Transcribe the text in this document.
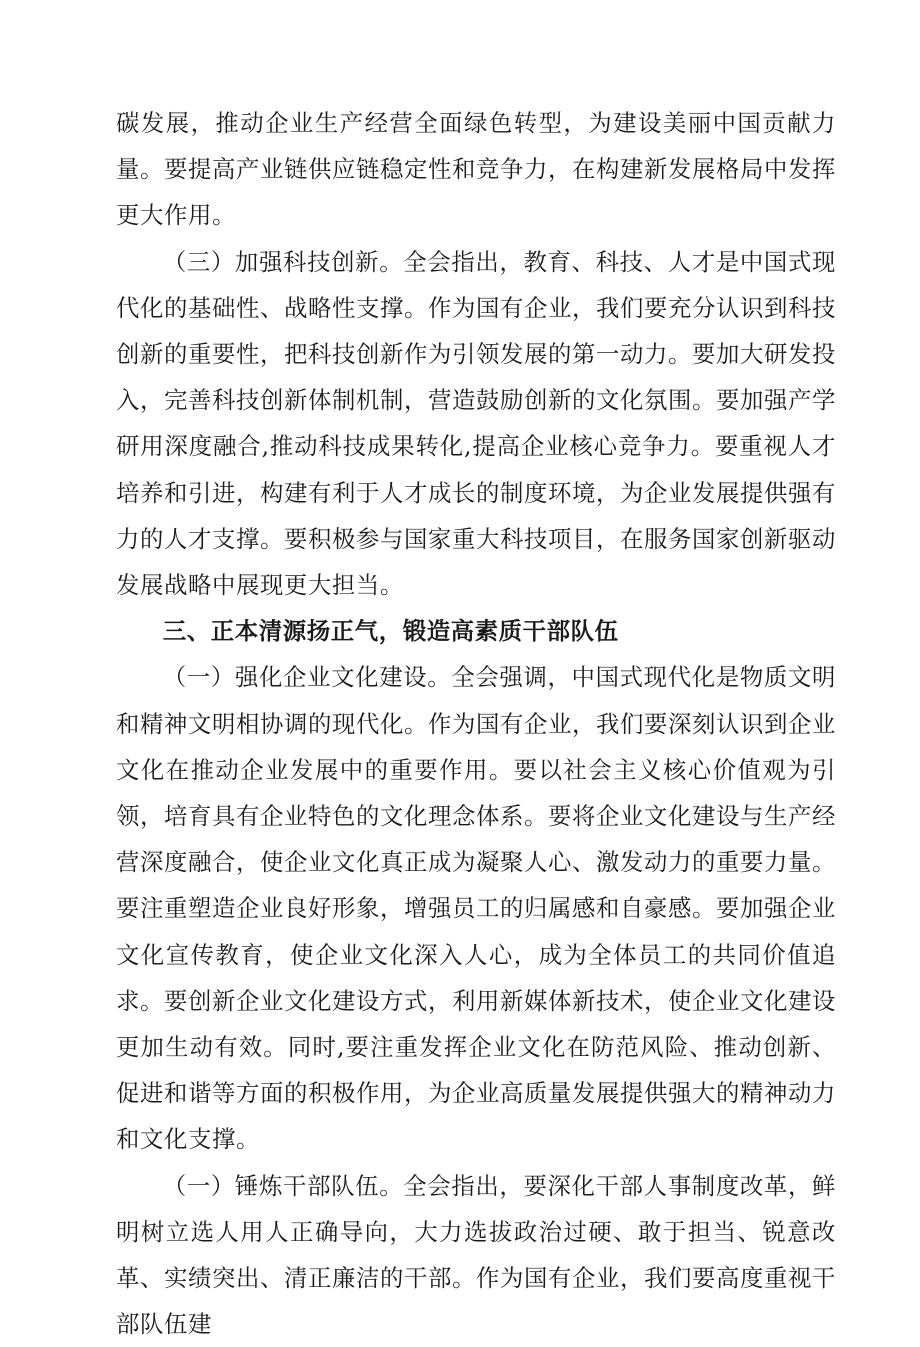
碳发展，推动企业生产经营全面绿色转型，为建设美丽中国贡献力量。要提高产业链供应链稳定性和竞争力，在构建新发展格局中发挥更大作用。

（三）加强科技创新。全会指出，教育、科技、人才是中国式现代化的基础性、战略性支撑。作为国有企业，我们要充分认识到科技创新的重要性，把科技创新作为引领发展的第一动力。要加大研发投入，完善科技创新体制机制，营造鼓励创新的文化氛围。要加强产学研用深度融合,推动科技成果转化,提高企业核心竞争力。要重视人才培养和引进，构建有利于人才成长的制度环境，为企业发展提供强有力的人才支撑。要积极参与国家重大科技项目，在服务国家创新驱动发展战略中展现更大担当。

三、正本清源扬正气，锻造高素质干部队伍

（一）强化企业文化建设。全会强调，中国式现代化是物质文明和精神文明相协调的现代化。作为国有企业，我们要深刻认识到企业文化在推动企业发展中的重要作用。要以社会主义核心价值观为引领，培育具有企业特色的文化理念体系。要将企业文化建设与生产经营深度融合，使企业文化真正成为凝聚人心、激发动力的重要力量。要注重塑造企业良好形象，增强员工的归属感和自豪感。要加强企业文化宣传教育，使企业文化深入人心，成为全体员工的共同价值追求。要创新企业文化建设方式，利用新媒体新技术，使企业文化建设更加生动有效。同时,要注重发挥企业文化在防范风险、推动创新、促进和谐等方面的积极作用，为企业高质量发展提供强大的精神动力和文化支撑。

（一）锤炼干部队伍。全会指出，要深化干部人事制度改革，鲜明树立选人用人正确导向，大力选拔政治过硬、敢于担当、锐意改革、实绩突出、清正廉洁的干部。作为国有企业，我们要高度重视干部队伍建
